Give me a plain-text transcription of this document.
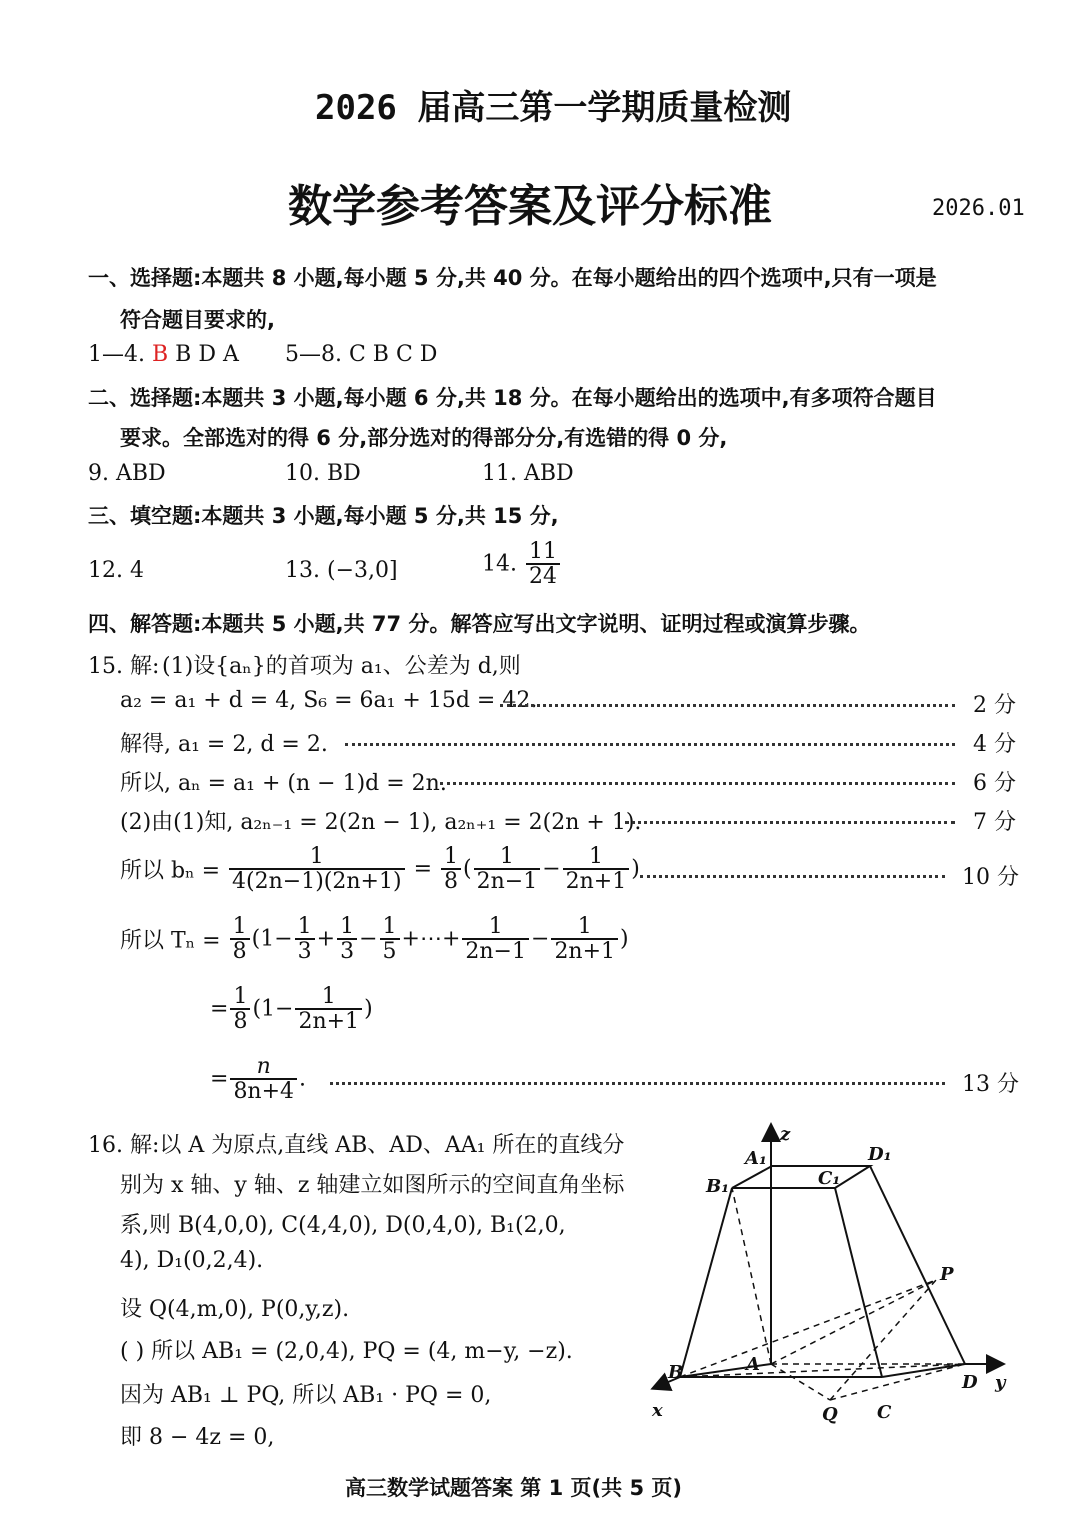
2026 届高三第一学期质量检测
数学参考答案及评分标准	2026.01
一、选择题:本题共 8 小题,每小题 5 分,共 40 分。在每小题给出的四个选项中,只有一项是
符合题目要求的,
1—4. B B D A 5—8. C B C D
二、选择题:本题共 3 小题,每小题 6 分,共 18 分。在每小题给出的选项中,有多项符合题目
要求。全部选对的得 6 分,部分选对的得部分分,有选错的得 0 分,
9. ABD	10. BD	11. ABD
三、填空题:本题共 3 小题,每小题 5 分,共 15 分,
12. 4	13. (−3,0]	14. $\frac{11}{24}$
四、解答题:本题共 5 小题,共 77 分。解答应写出文字说明、证明过程或演算步骤。
15. 解: (1)设{aₙ}的首项为 a₁、公差为 d,则
a₂ = a₁ + d = 4, S₆ = 6a₁ + 15d = 42.	2 分
解得, a₁ = 2, d = 2.	4 分
所以, aₙ = a₁ + (n − 1)d = 2n.	6 分
(2)由(1)知, a₂ₙ₋₁ = 2(2n − 1), a₂ₙ₊₁ = 2(2n + 1).	7 分
所以 $b_n = \frac{1}{4(2n-1)(2n+1)} = \frac{1}{8}$ ( $\frac{1}{2n-1} - \frac{1}{2n+1}$ )	10 分
所以 $T_n = \frac{1}{8} (1- \frac{1}{3} + \frac{1}{3} - \frac{1}{5}$ +⋯+ $\frac{1}{2n-1} - \frac{1}{2n+1}$ )
= $\frac{1}{8} (1- \frac{1}{2n+1}$ )
= $\frac{n}{8n+4}$ .	13 分
16. 解:以 A 为原点,直线 AB、AD、AA₁ 所在的直线分
别为 x 轴、y 轴、z 轴建立如图所示的空间直角坐标
系,则 B(4,0,0), C(4,4,0), D(0,4,0), B₁(2,0,
4), D₁(0,2,4).
设 Q(4,m,0), P(0,y,z).
( ) 所以 AB₁ = (2,0,4), PQ = (4, m−y, −z).
因为 AB₁ ⊥ PQ, 所以 AB₁ · PQ = 0,
即 8 − 4z = 0,
z
A₁	D₁
C₁
B₁
P
A
D y
B
Q C
x
高三数学试题答案 第 1 页(共 5 页)
